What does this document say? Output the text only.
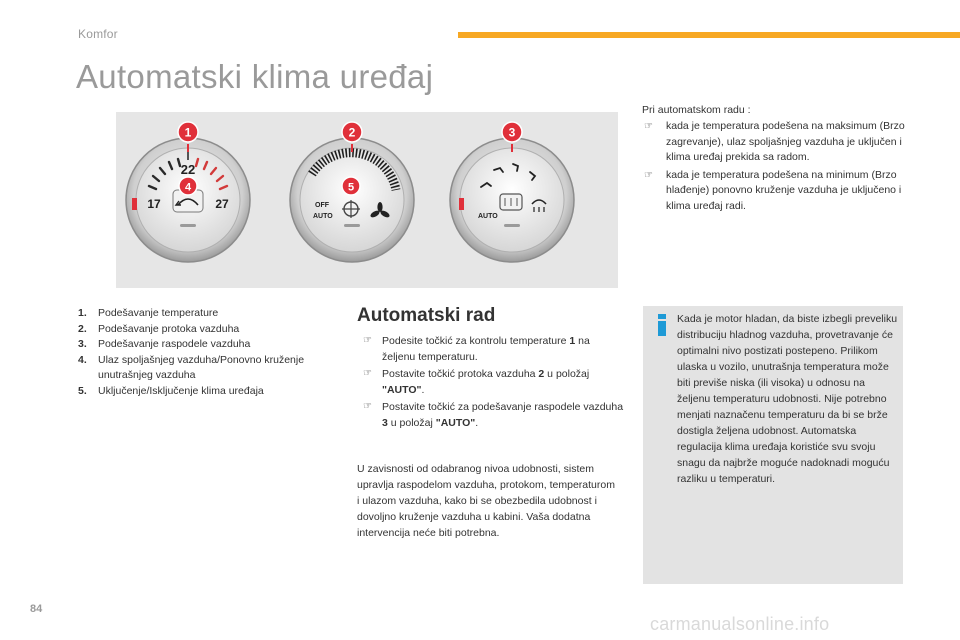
Komfor
Automatski klima uređaj
22
17	27	OFF
AUTO	AUTO
1	2	3
4	5
1. Podešavanje temperature
2. Podešavanje protoka vazduha
3. Podešavanje raspodele vazduha
4. Ulaz spoljašnjeg vazduha/Ponovno kruženje unutrašnjeg vazduha
5. Uključenje/Isključenje klima uređaja
Automatski rad
☞ Podesite točkić za kontrolu temperature 1 na željenu temperaturu.
☞ Postavite točkić protoka vazduha 2 u položaj "AUTO".
☞ Postavite točkić za podešavanje raspodele vazduha 3 u položaj "AUTO".

U zavisnosti od odabranog nivoa udobnosti, sistem upravlja raspodelom vazduha, protokom, temperaturom i ulazom vazduha, kako bi se obezbedila udobnost i dovoljno kruženje vazduha u kabini. Vaša dodatna intervencija neće biti potrebna.

Pri automatskom radu :

☞ kada je temperatura podešena na maksimum (Brzo zagrevanje), ulaz spoljašnjeg vazduha je uključen i klima uređaj prekida sa radom.
☞ kada je temperatura podešena na minimum (Brzo hlađenje) ponovno kruženje vazduha je uključeno i klima uređaj radi.

Kada je motor hladan, da biste izbegli preveliku distribuciju hladnog vazduha, provetravanje će optimalni nivo postizati postepeno. Prilikom ulaska u vozilo, unutrašnja temperatura može biti previše niska (ili visoka) u odnosu na željenu temperaturu udobnosti. Nije potrebno menjati naznačenu temperaturu da bi se brže dostigla željena udobnost. Automatska regulacija klima uređaja koristiće svu svoju snagu da najbrže moguće nadoknadi moguću razliku u temperaturi.

84
carmanualsonline.info
